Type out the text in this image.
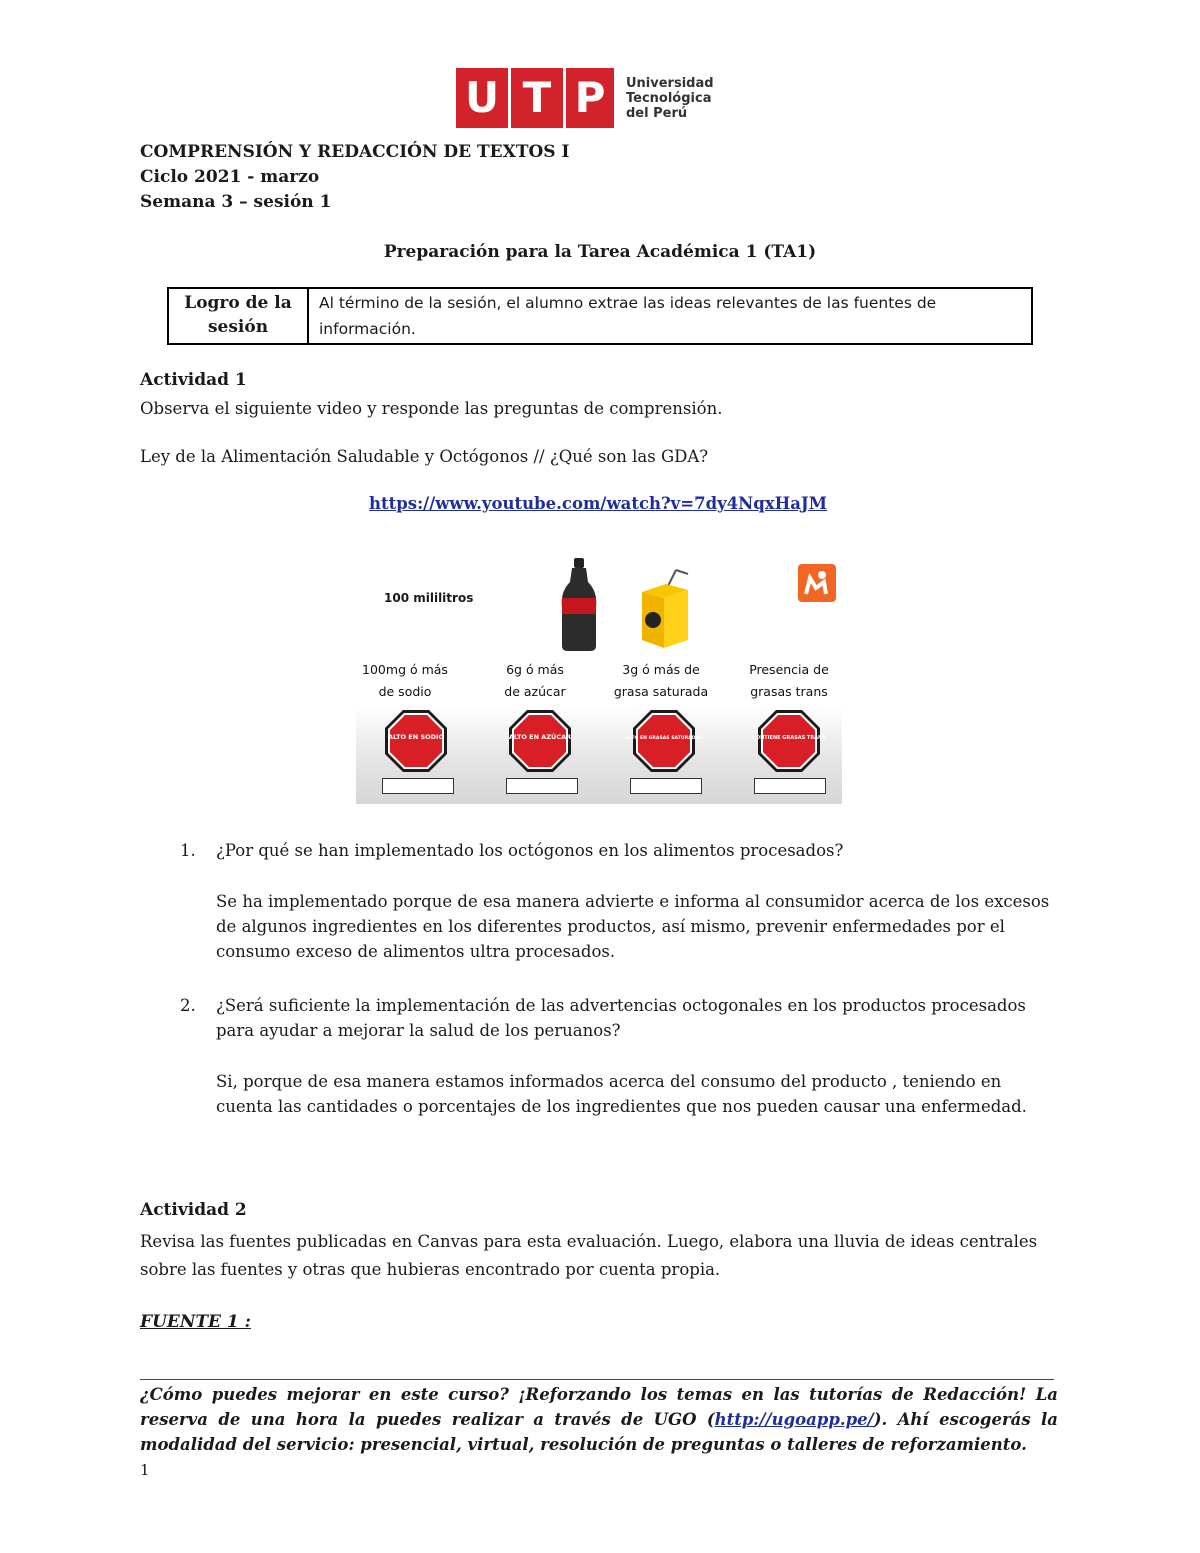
U T P	Universidad
Tecnológica
del Perú
COMPRENSIÓN Y REDACCIÓN DE TEXTOS I
Ciclo 2021 - marzo
Semana 3 – sesión 1
Preparación para la Tarea Académica 1 (TA1)
Logro de la
sesión
Al término de la sesión, el alumno extrae las ideas relevantes de las fuentes de información.
Actividad 1
Observa el siguiente video y responde las preguntas de comprensión.
Ley de la Alimentación Saludable y Octógonos // ¿Qué son las GDA?
https://www.youtube.com/watch?v=7dy4NqxHaJM
100 mililitros
100mg ó más
de sodio
6g ó más
de azúcar
3g ó más de
grasa saturada
Presencia de
grasas trans
ALTO EN SODIO	ALTO EN AZÚCAR	ALTO EN GRASAS SATURADAS	CONTIENE GRASAS TRANS
1. ¿Por qué se han implementado los octógonos en los alimentos procesados?
Se ha implementado porque de esa manera advierte e informa al consumidor acerca de los excesos de algunos ingredientes en los diferentes productos, así mismo, prevenir enfermedades por el consumo exceso de alimentos ultra procesados.
2. ¿Será suficiente la implementación de las advertencias octogonales en los productos procesados para ayudar a mejorar la salud de los peruanos?
Si, porque de esa manera estamos informados acerca del consumo del producto , teniendo en cuenta las cantidades o porcentajes de los ingredientes que nos pueden causar una enfermedad.
Actividad 2
Revisa las fuentes publicadas en Canvas para esta evaluación. Luego, elabora una lluvia de ideas centrales sobre las fuentes y otras que hubieras encontrado por cuenta propia.
FUENTE 1 :
¿Cómo puedes mejorar en este curso? ¡Reforzando los temas en las tutorías de Redacción! La reserva de una hora la puedes realizar a través de UGO (http://ugoapp.pe/). Ahí escogerás la modalidad del servicio: presencial, virtual, resolución de preguntas o talleres de reforzamiento.
1
